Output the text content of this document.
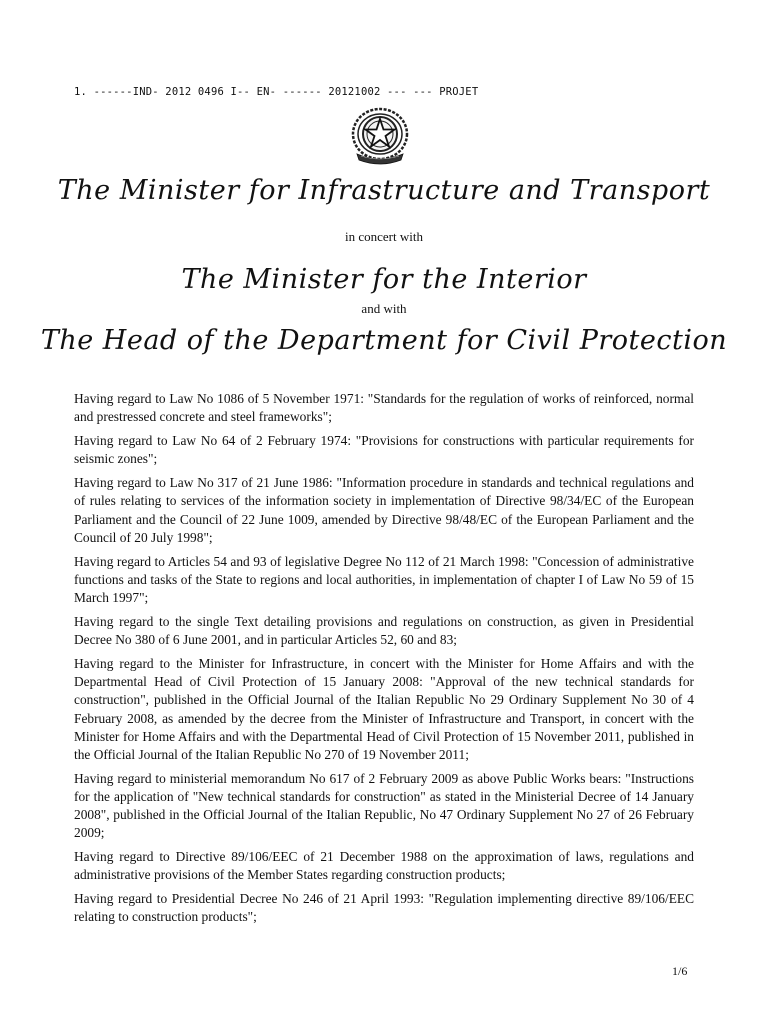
1. ------IND- 2012 0496 I-- EN- ------ 20121002 --- --- PROJET
The Minister for Infrastructure and Transport
in concert with
The Minister for the Interior
and with
The Head of the Department for Civil Protection

Having regard to Law No 1086 of 5 November 1971: "Standards for the regulation of works of reinforced, normal and prestressed concrete and steel frameworks";

Having regard to Law No 64 of 2 February 1974: "Provisions for constructions with particular requirements for seismic zones";

Having regard to Law No 317 of 21 June 1986: "Information procedure in standards and technical regulations and of rules relating to services of the information society in implementation of Directive 98/34/EC of the European Parliament and the Council of 22 June 1009, amended by Directive 98/48/EC of the European Parliament and the Council of 20 July 1998";

Having regard to Articles 54 and 93 of legislative Degree No 112 of 21 March 1998: "Concession of administrative functions and tasks of the State to regions and local authorities, in implementation of chapter I of Law No 59 of 15 March 1997";

Having regard to the single Text detailing provisions and regulations on construction, as given in Presidential Decree No 380 of 6 June 2001, and in particular Articles 52, 60 and 83;

Having regard to the Minister for Infrastructure, in concert with the Minister for Home Affairs and with the Departmental Head of Civil Protection of 15 January 2008: "Approval of the new technical standards for construction", published in the Official Journal of the Italian Republic No 29 Ordinary Supplement No 30 of 4 February 2008, as amended by the decree from the Minister of Infrastructure and Transport, in concert with the Minister for Home Affairs and with the Departmental Head of Civil Protection of 15 November 2011, published in the Official Journal of the Italian Republic No 270 of 19 November 2011;

Having regard to ministerial memorandum No 617 of 2 February 2009 as above Public Works bears: "Instructions for the application of "New technical standards for construction" as stated in the Ministerial Decree of 14 January 2008", published in the Official Journal of the Italian Republic, No 47 Ordinary Supplement No 27 of 26 February 2009;

Having regard to Directive 89/106/EEC of 21 December 1988 on the approximation of laws, regulations and administrative provisions of the Member States regarding construction products;

Having regard to Presidential Decree No 246 of 21 April 1993: "Regulation implementing directive 89/106/EEC relating to construction products";

1/6
